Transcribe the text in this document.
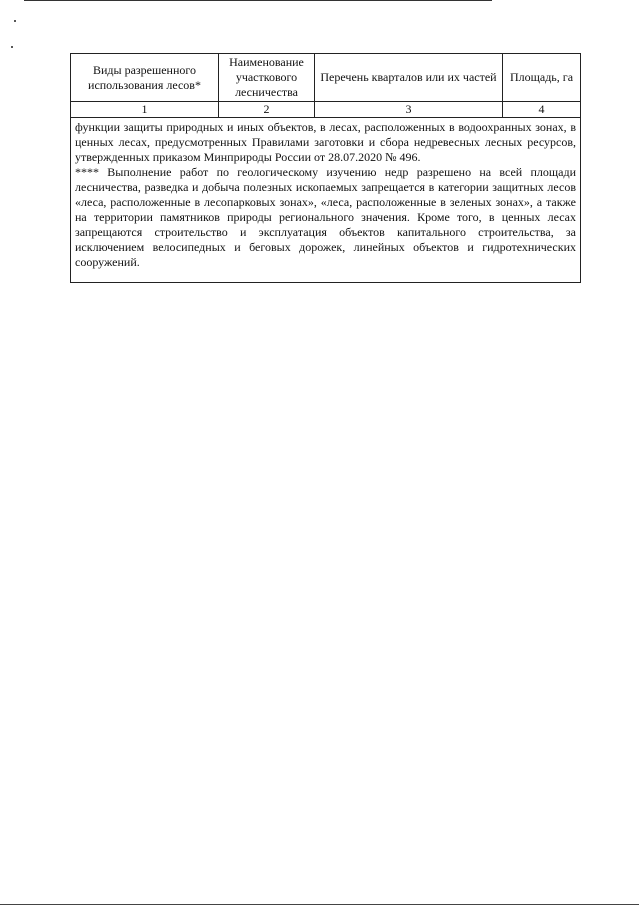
Виды разрешенного использования лесов*	Наименование участкового лесничества	Перечень кварталов или их частей	Площадь, га
1	2	3	4

функции защиты природных и иных объектов, в лесах, расположенных в водоохранных зонах, в ценных лесах, предусмотренных Правилами заготовки и сбора недревесных лесных ресурсов, утвержденных приказом Минприроды России от 28.07.2020 № 496.

**** Выполнение работ по геологическому изучению недр разрешено на всей площади лесничества, разведка и добыча полезных ископаемых запрещается в категории защитных лесов «леса, расположенные в лесопарковых зонах», «леса, расположенные в зеленых зонах», а также на территории памятников природы регионального значения. Кроме того, в ценных лесах запрещаются строительство и эксплуатация объектов капитального строительства, за исключением велосипедных и беговых дорожек, линейных объектов и гидротехнических сооружений.			
